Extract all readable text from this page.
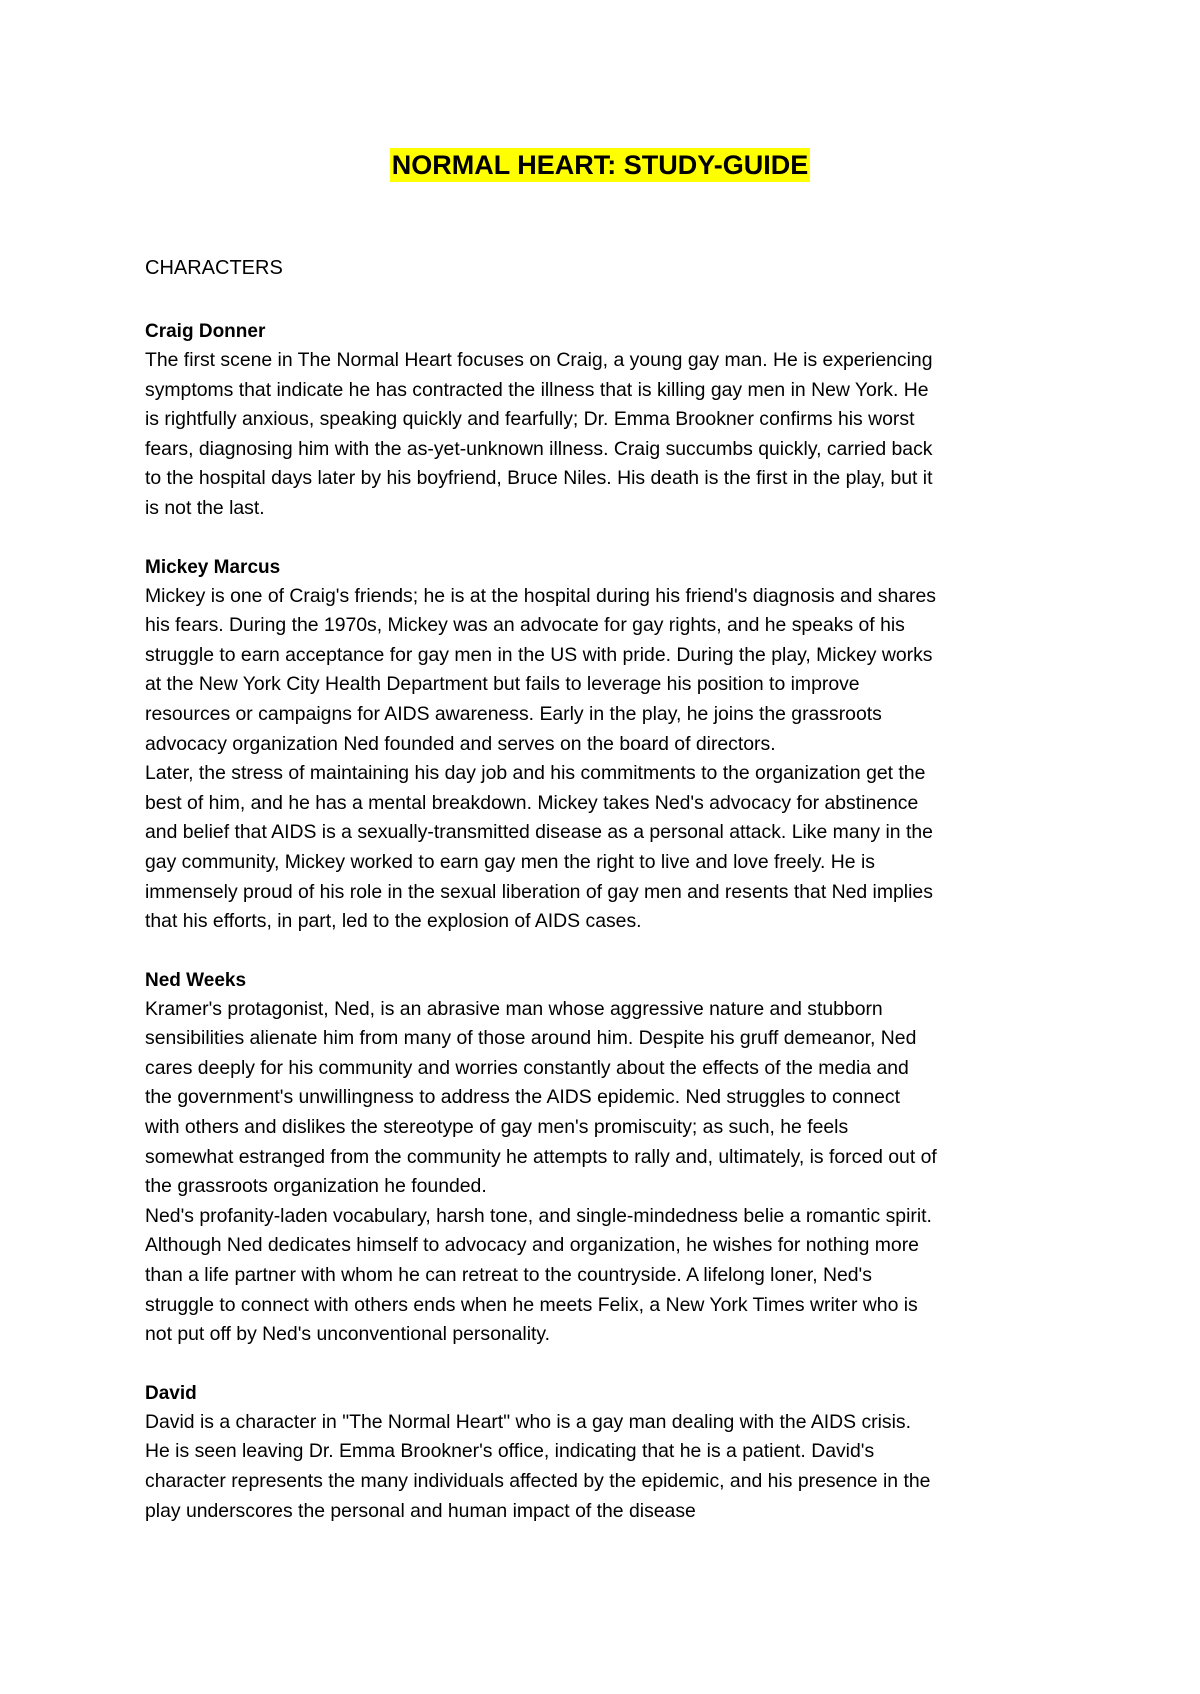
NORMAL HEART: STUDY-GUIDE
CHARACTERS
Craig Donner

The first scene in The Normal Heart focuses on Craig, a young gay man. He is experiencing
symptoms that indicate he has contracted the illness that is killing gay men in New York. He
is rightfully anxious, speaking quickly and fearfully; Dr. Emma Brookner confirms his worst
fears, diagnosing him with the as-yet-unknown illness. Craig succumbs quickly, carried back
to the hospital days later by his boyfriend, Bruce Niles. His death is the first in the play, but it
is not the last.

Mickey Marcus

Mickey is one of Craig's friends; he is at the hospital during his friend's diagnosis and shares
his fears. During the 1970s, Mickey was an advocate for gay rights, and he speaks of his
struggle to earn acceptance for gay men in the US with pride. During the play, Mickey works
at the New York City Health Department but fails to leverage his position to improve
resources or campaigns for AIDS awareness. Early in the play, he joins the grassroots
advocacy organization Ned founded and serves on the board of directors.

Later, the stress of maintaining his day job and his commitments to the organization get the
best of him, and he has a mental breakdown. Mickey takes Ned's advocacy for abstinence
and belief that AIDS is a sexually-transmitted disease as a personal attack. Like many in the
gay community, Mickey worked to earn gay men the right to live and love freely. He is
immensely proud of his role in the sexual liberation of gay men and resents that Ned implies
that his efforts, in part, led to the explosion of AIDS cases.

Ned Weeks

Kramer's protagonist, Ned, is an abrasive man whose aggressive nature and stubborn
sensibilities alienate him from many of those around him. Despite his gruff demeanor, Ned
cares deeply for his community and worries constantly about the effects of the media and
the government's unwillingness to address the AIDS epidemic. Ned struggles to connect
with others and dislikes the stereotype of gay men's promiscuity; as such, he feels
somewhat estranged from the community he attempts to rally and, ultimately, is forced out of
the grassroots organization he founded.

Ned's profanity-laden vocabulary, harsh tone, and single-mindedness belie a romantic spirit.
Although Ned dedicates himself to advocacy and organization, he wishes for nothing more
than a life partner with whom he can retreat to the countryside. A lifelong loner, Ned's
struggle to connect with others ends when he meets Felix, a New York Times writer who is
not put off by Ned's unconventional personality.

David

David is a character in "The Normal Heart" who is a gay man dealing with the AIDS crisis.
He is seen leaving Dr. Emma Brookner's office, indicating that he is a patient. David's
character represents the many individuals affected by the epidemic, and his presence in the
play underscores the personal and human impact of the disease
